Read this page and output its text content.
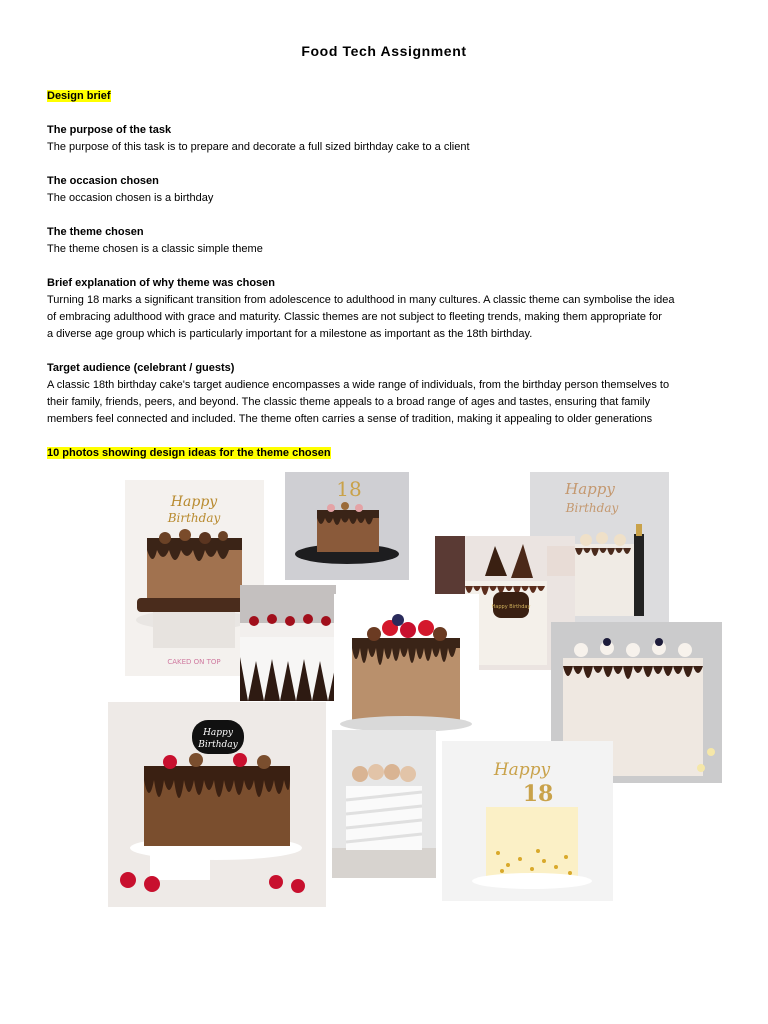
Food Tech Assignment

Design brief

The purpose of the task

The purpose of this task is to prepare and decorate a full sized birthday cake to a client

The occasion chosen

The occasion chosen is a birthday

The theme chosen

The theme chosen is a classic simple theme

Brief explanation of why theme was chosen

Turning 18 marks a significant transition from adolescence to adulthood in many cultures. A classic theme can symbolise the idea

of embracing adulthood with grace and maturity. Classic themes are not subject to fleeting trends, making them appropriate for

a diverse age group which is particularly important for a milestone as important as the 18th birthday.

Target audience (celebrant / guests)

A classic 18th birthday cake's target audience encompasses a wide range of individuals, from the birthday person themselves to

their family, friends, peers, and beyond. The classic theme appeals to a broad range of ages and tastes, ensuring that family

members feel connected and included. The theme often carries a sense of tradition, making it appealing to older generations

10 photos showing design ideas for the theme chosen

Happy
Birthday
CAKED ON TOP
18	Happy
Birthday
Happy Birthday
Happy
Birthday
Happy
18
